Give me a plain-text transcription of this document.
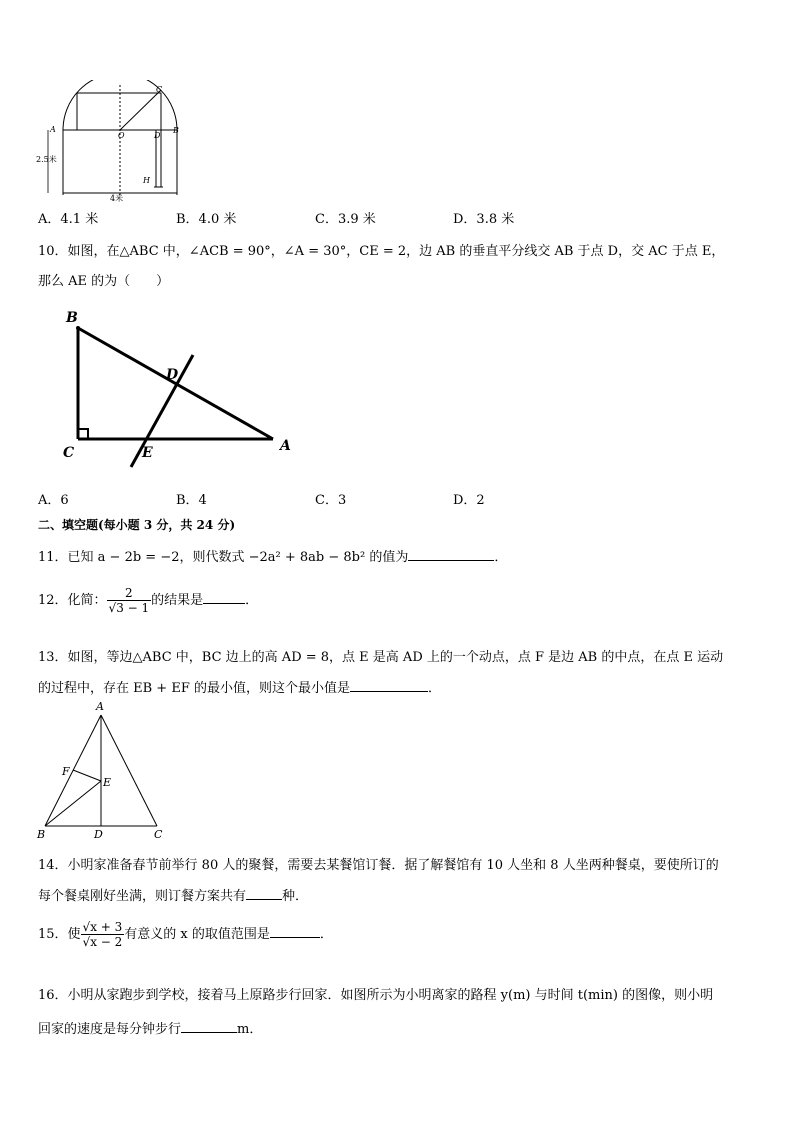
C
A	B
O	D
H
2.5米
4米
A．4.1 米	B．4.0 米	C．3.9 米	D．3.8 米
10．如图，在△ABC 中，∠ACB = 90°，∠A = 30°，CE = 2，边 AB 的垂直平分线交 AB 于点 D，交 AC 于点 E，
那么 AE 的为（　　）
B
D
C	E	A
A．6	B．4	C．3	D．2
二、填空题(每小题 3 分，共 24 分)
11．已知 a − 2b = −2，则代数式 −2a² + 8ab − 8b² 的值为	．
12．化简： $\frac{2}{√3 - 1}$ 的结果是	．
13．如图，等边△ABC 中，BC 边上的高 AD = 8，点 E 是高 AD 上的一个动点，点 F 是边 AB 的中点，在点 E 运动
的过程中，存在 EB + EF 的最小值，则这个最小值是	．
A
F
E
B	D	C
14．小明家准备春节前举行 80 人的聚餐，需要去某餐馆订餐．据了解餐馆有 10 人坐和 8 人坐两种餐桌，要使所订的
每个餐桌刚好坐满，则订餐方案共有	种．
15．使 $\frac{√x + 3}{√x - 2}$ 有意义的 x 的取值范围是	．
16．小明从家跑步到学校，接着马上原路步行回家．如图所示为小明离家的路程 y(m) 与时间 t(min) 的图像，则小明
回家的速度是每分钟步行	m．
